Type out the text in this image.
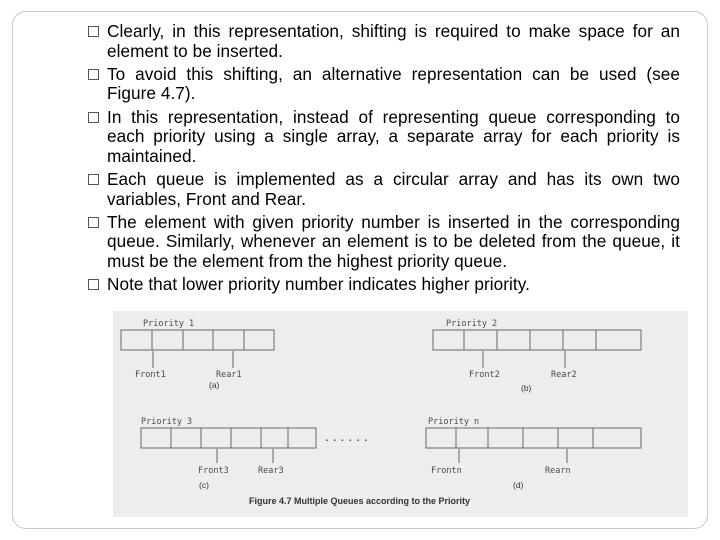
Clearly, in this representation, shifting is required to make space for an element to be inserted.
To avoid this shifting, an alternative representation can be used (see Figure 4.7).
In this representation, instead of representing queue corresponding to each priority using a single array, a separate array for each priority is maintained.
Each queue is implemented as a circular array and has its own two variables, Front and Rear.
The element with given priority number is inserted in the corresponding queue. Similarly, whenever an element is to be deleted from the queue, it must be the element from the highest priority queue.
Note that lower priority number indicates higher priority.
Priority 1	Priority 2
Priority 3	Priority n
Front1	Rear1	Front2	Rear2
Front3	Rear3	Frontn	Rearn
(a)	(b)
(c)	(d)
. . . . . .
Figure 4.7 Multiple Queues according to the Priority
